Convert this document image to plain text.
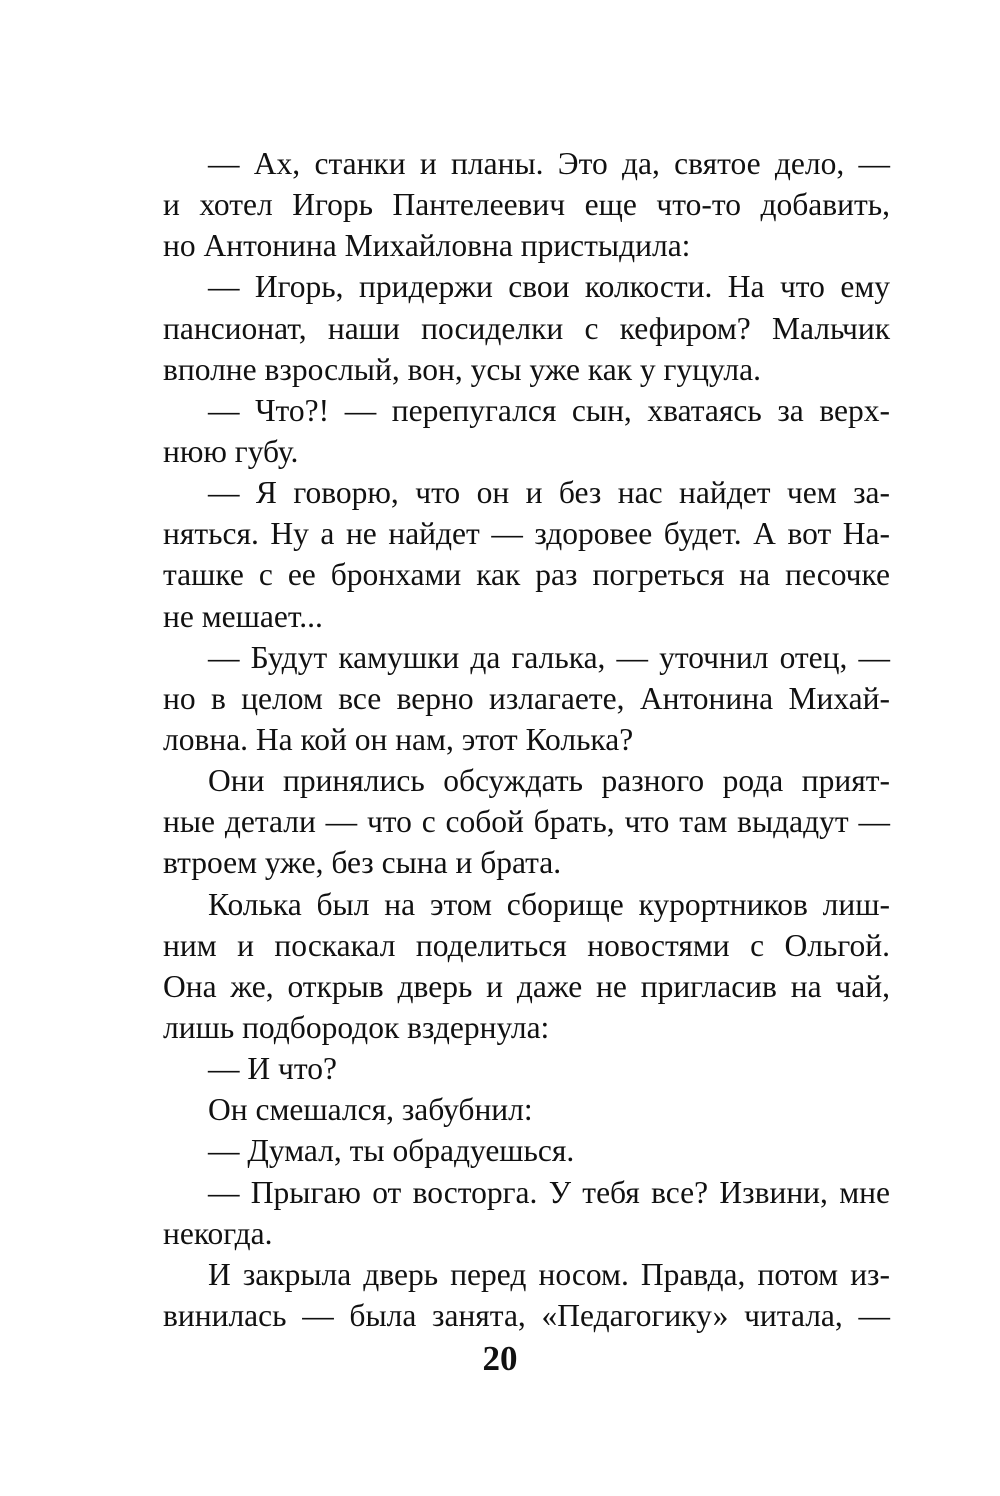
— Ах, станки и планы. Это да, святое дело, —
и хотел Игорь Пантелеевич еще что-то добавить,
но Антонина Михайловна пристыдила:
— Игорь, придержи свои колкости. На что ему
пансионат, наши посиделки с кефиром? Мальчик
вполне взрослый, вон, усы уже как у гуцула.
— Что?! — перепугался сын, хватаясь за верх-
нюю губу.
— Я говорю, что он и без нас найдет чем за-
няться. Ну а не найдет — здоровее будет. А вот На-
ташке с ее бронхами как раз погреться на песочке
не мешает...
— Будут камушки да галька, — уточнил отец, —
но в целом все верно излагаете, Антонина Михай-
ловна. На кой он нам, этот Колька?
Они принялись обсуждать разного рода прият-
ные детали — что с собой брать, что там выдадут —
втроем уже, без сына и брата.
Колька был на этом сборище курортников лиш-
ним и поскакал поделиться новостями с Ольгой.
Она же, открыв дверь и даже не пригласив на чай,
лишь подбородок вздернула:
— И что?
Он смешался, забубнил:
— Думал, ты обрадуешься.
— Прыгаю от восторга. У тебя все? Извини, мне
некогда.
И закрыла дверь перед носом. Правда, потом из-
винилась — была занята, «Педагогику» читала, —
20
